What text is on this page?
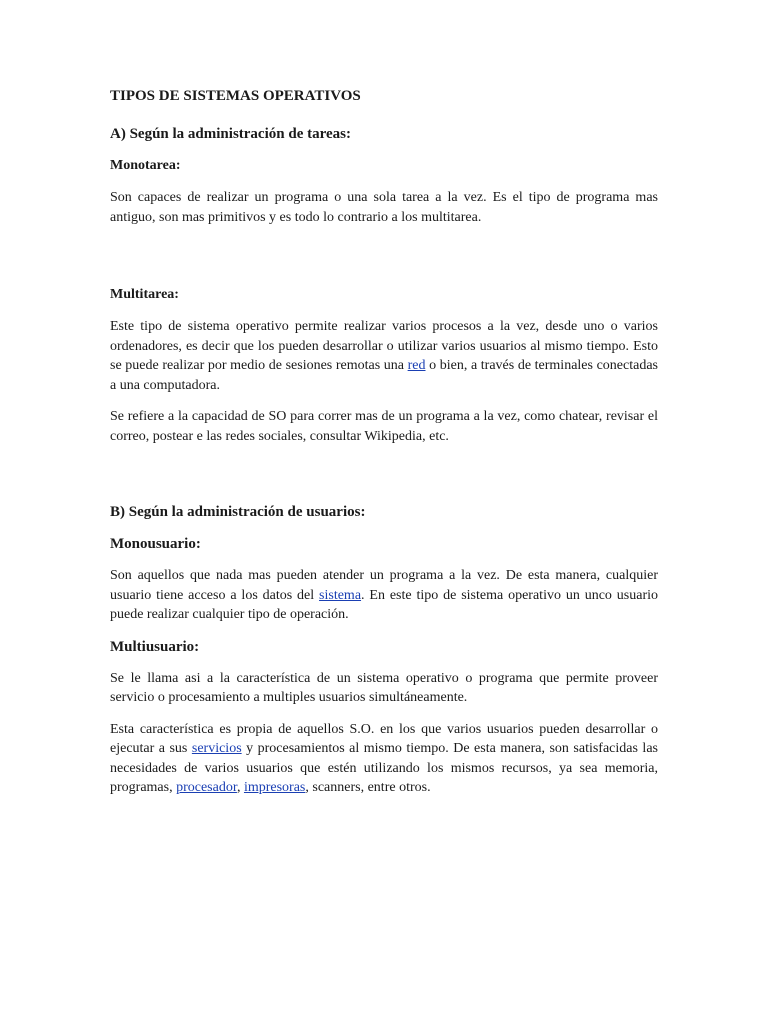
TIPOS DE SISTEMAS OPERATIVOS
A) Según la administración de tareas:
Monotarea:

Son capaces de realizar un programa o una sola tarea a la vez. Es el tipo de programa mas antiguo, son mas primitivos y es todo lo contrario a los multitarea.

Multitarea:

Este tipo de sistema operativo permite realizar varios procesos a la vez, desde uno o varios ordenadores, es decir que los pueden desarrollar o utilizar varios usuarios al mismo tiempo. Esto se puede realizar por medio de sesiones remotas una red o bien, a través de terminales conectadas a una computadora.

Se refiere a la capacidad de SO para correr mas de un programa a la vez, como chatear, revisar el correo, postear e las redes sociales, consultar Wikipedia, etc.

B) Según la administración de usuarios:
Monousuario:

Son aquellos que nada mas pueden atender un programa a la vez. De esta manera, cualquier usuario tiene acceso a los datos del sistema. En este tipo de sistema operativo un unco usuario puede realizar cualquier tipo de operación.

Multiusuario:

Se le llama asi a la característica de un sistema operativo o programa que permite proveer servicio o procesamiento a multiples usuarios simultáneamente.

Esta característica es propia de aquellos S.O. en los que varios usuarios pueden desarrollar o ejecutar a sus servicios y procesamientos al mismo tiempo. De esta manera, son satisfacidas las necesidades de varios usuarios que estén utilizando los mismos recursos, ya sea memoria, programas, procesador, impresoras, scanners, entre otros.
